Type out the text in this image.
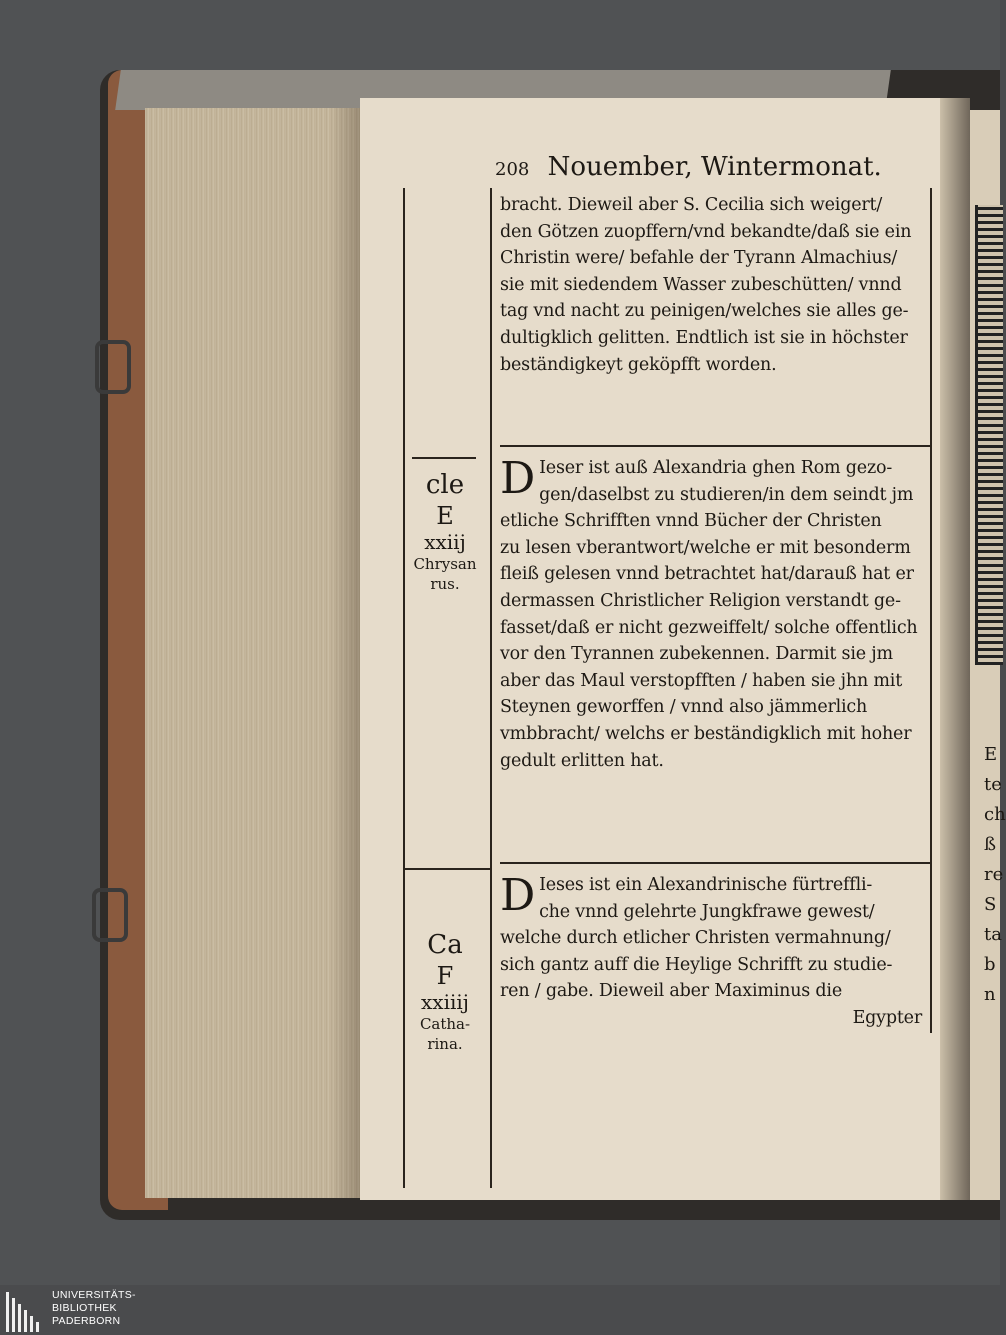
E
te
ch
ß
re
S
ta
b
n
208 Nouember, Wintermonat.
bracht. Dieweil aber S. Cecilia sich weigert/
den Götzen zuopffern/vnd bekandte/daß sie ein
Christin were/ befahle der Tyrann Almachius/
sie mit siedendem Wasser zubeschütten/ vnnd
tag vnd nacht zu peinigen/welches sie alles ge-
dultigklich gelitten. Endtlich ist sie in höchster
beständigkeyt geköpfft worden.
cle
E
xxiij
Chrysan
rus.
D Ieser ist auß Alexandria ghen Rom gezo-
gen/daselbst zu studieren/in dem seindt jm
etliche Schrifften vnnd Bücher der Christen
zu lesen vberantwort/welche er mit besonderm
fleiß gelesen vnnd betrachtet hat/darauß hat er
dermassen Christlicher Religion verstandt ge-
fasset/daß er nicht gezweiffelt/ solche offentlich
vor den Tyrannen zubekennen. Darmit sie jm
aber das Maul verstopfften / haben sie jhn mit
Steynen geworffen / vnnd also jämmerlich
vmbbracht/ welchs er beständigklich mit hoher
gedult erlitten hat.
Ca
F
xxiiij
Catha-
rina.
D Ieses ist ein Alexandrinische fürtreffli-
che vnnd gelehrte Jungkfrawe gewest/
welche durch etlicher Christen vermahnung/
sich gantz auff die Heylige Schrifft zu studie-
ren / gabe. Dieweil aber Maximinus die
Egypter
UNIVERSITÄTS-
BIBLIOTHEK
PADERBORN
